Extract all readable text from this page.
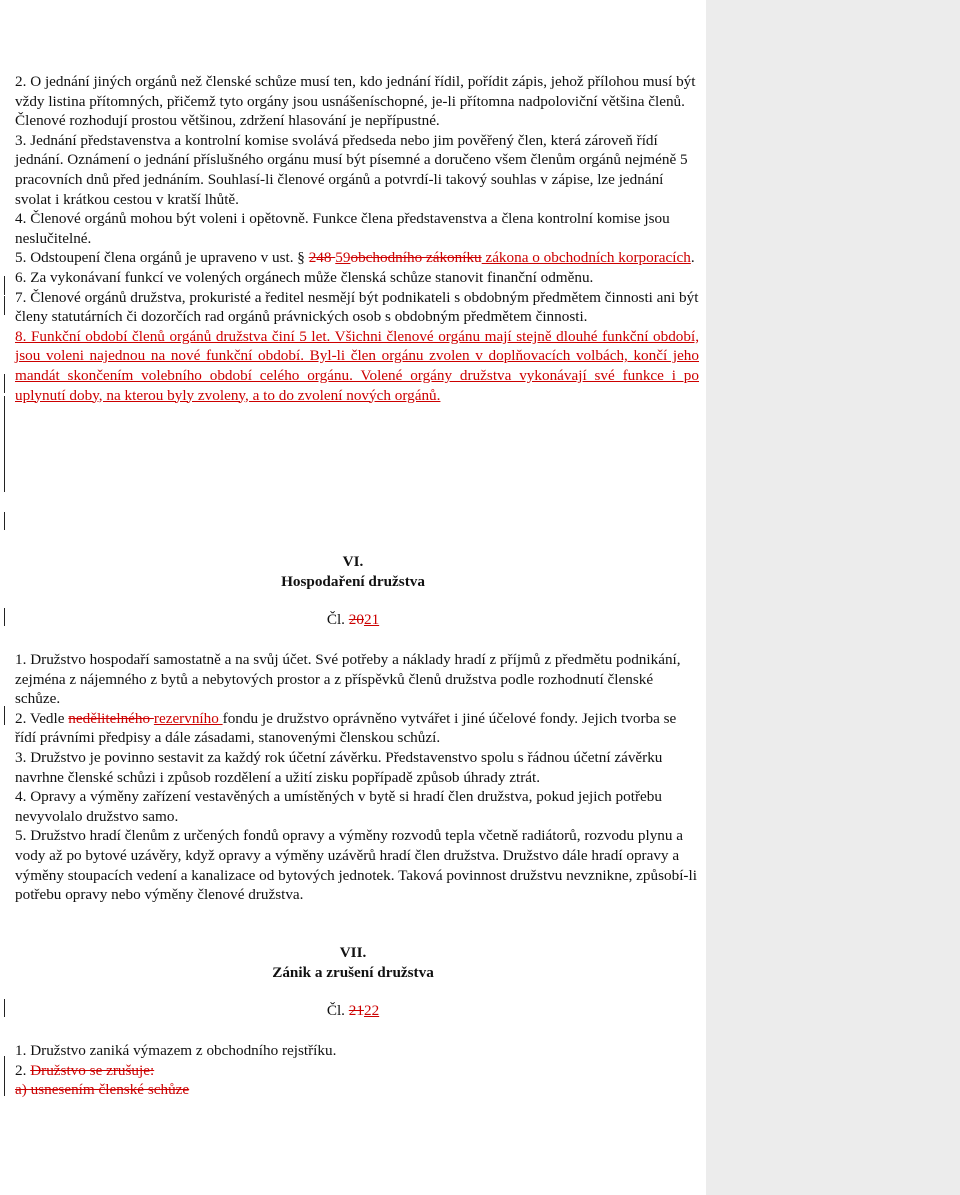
2. O jednání jiných orgánů než členské schůze musí ten, kdo jednání řídil, pořídit zápis, jehož přílohou musí být vždy listina přítomných, přičemž tyto orgány jsou usnášeníschopné, je-li přítomna nadpoloviční většina členů. Členové rozhodují prostou většinou, zdržení hlasování je nepřípustné.

3. Jednání představenstva a kontrolní komise svolává předseda nebo jim pověřený člen, která zároveň řídí jednání. Oznámení o jednání příslušného orgánu musí být písemné a doručeno všem členům orgánů nejméně 5 pracovních dnů před jednáním. Souhlasí-li členové orgánů a potvrdí-li takový souhlas v zápise, lze jednání svolat i krátkou cestou v kratší lhůtě.

4. Členové orgánů mohou být voleni i opětovně. Funkce člena představenstva a člena kontrolní komise jsou neslučitelné.

5. Odstoupení člena orgánů je upraveno v ust. § 248 59obchodního zákoníku zákona o obchodních korporacích.

6. Za vykonávaní funkcí ve volených orgánech může členská schůze stanovit finanční odměnu.

7. Členové orgánů družstva, prokuristé a ředitel nesmějí být podnikateli s obdobným předmětem činnosti ani být členy statutárních či dozorčích rad orgánů právnických osob s obdobným předmětem činnosti.

8. Funkční období členů orgánů družstva činí 5 let. Všichni členové orgánu mají stejně dlouhé funkční období, jsou voleni najednou na nové funkční období. Byl-li člen orgánu zvolen v doplňovacích volbách, končí jeho mandát skončením volebního období celého orgánu. Volené orgány družstva vykonávají své funkce i po uplynutí doby, na kterou byly zvoleny, a to do zvolení nových orgánů.

VI.
Hospodaření družstva
Čl. 2021

1. Družstvo hospodaří samostatně a na svůj účet. Své potřeby a náklady hradí z příjmů z předmětu podnikání, zejména z nájemného z bytů a nebytových prostor a z příspěvků členů družstva podle rozhodnutí členské schůze.

2. Vedle nedělitelného rezervního fondu je družstvo oprávněno vytvářet i jiné účelové fondy. Jejich tvorba se řídí právními předpisy a dále zásadami, stanovenými členskou schůzí.

3. Družstvo je povinno sestavit za každý rok účetní závěrku. Představenstvo spolu s řádnou účetní závěrku navrhne členské schůzi i způsob rozdělení a užití zisku popřípadě způsob úhrady ztrát.

4. Opravy a výměny zařízení vestavěných a umístěných v bytě si hradí člen družstva, pokud jejich potřebu nevyvolalo družstvo samo.

5. Družstvo hradí členům z určených fondů opravy a výměny rozvodů tepla včetně radiátorů, rozvodu plynu a vody až po bytové uzávěry, když opravy a výměny uzávěrů hradí člen družstva. Družstvo dále hradí opravy a výměny stoupacích vedení a kanalizace od bytových jednotek. Taková povinnost družstvu nevznikne, způsobí-li potřebu opravy nebo výměny členové družstva.

VII.
Zánik a zrušení družstva
Čl. 2122

1. Družstvo zaniká výmazem z obchodního rejstříku.

2. Družstvo se zrušuje:

a) usnesením členské schůze
